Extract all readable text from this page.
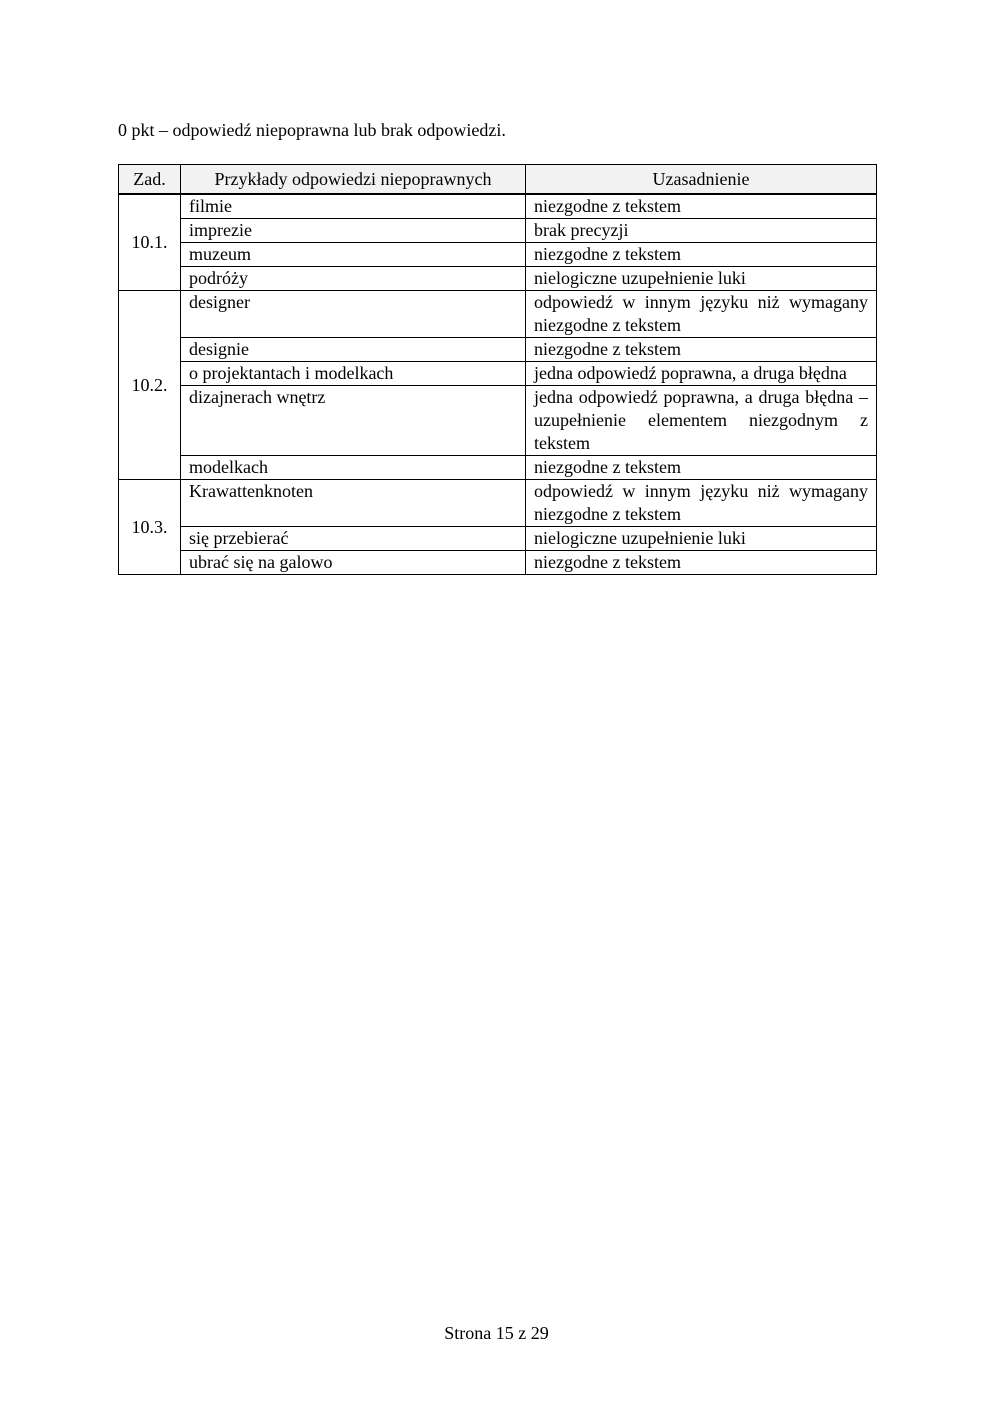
0 pkt – odpowiedź niepoprawna lub brak odpowiedzi.
Zad.	Przykłady odpowiedzi niepoprawnych	Uzasadnienie
10.1.	filmie	niezgodne z tekstem
	imprezie	brak precyzji
	muzeum	niezgodne z tekstem
	podróży	nielogiczne uzupełnienie luki
10.2.	designer	odpowiedź w innym języku niż wymagany niezgodne z tekstem
	designie	niezgodne z tekstem
	o projektantach i modelkach	jedna odpowiedź poprawna, a druga błędna
	dizajnerach wnętrz	jedna odpowiedź poprawna, a druga błędna – uzupełnienie elementem niezgodnym z tekstem
	modelkach	niezgodne z tekstem
10.3.	Krawattenknoten	odpowiedź w innym języku niż wymagany niezgodne z tekstem
	się przebierać	nielogiczne uzupełnienie luki
	ubrać się na galowo	niezgodne z tekstem
Strona 15 z 29
